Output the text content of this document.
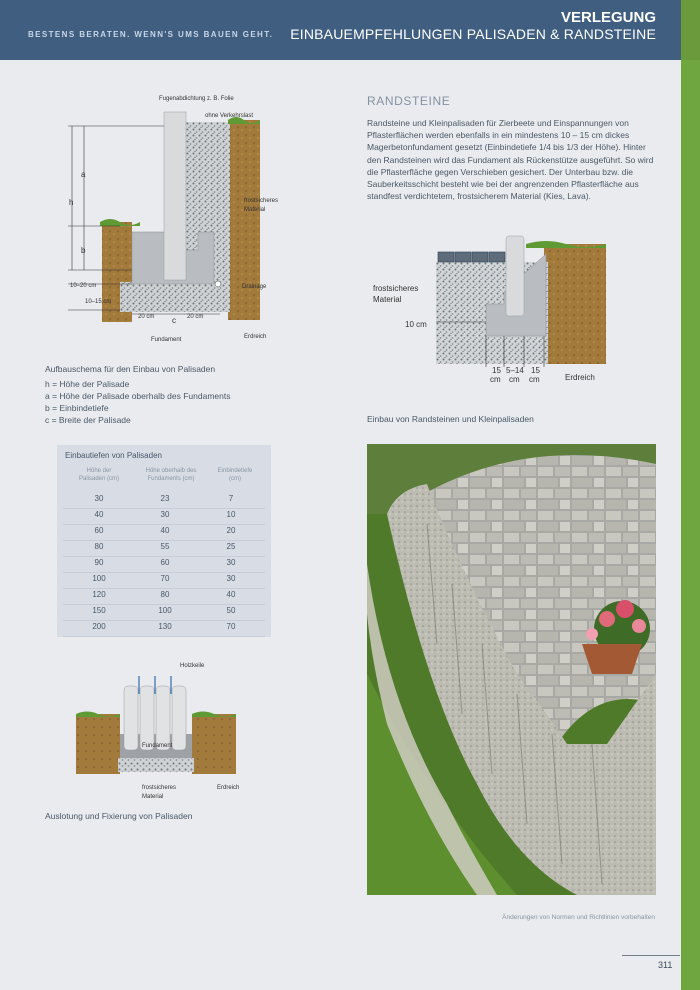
BESTENS BERATEN. WENN'S UMS BAUEN GEHT.
VERLEGUNG
EINBAUEMPFEHLUNGEN PALISADEN & RANDSTEINE
Fugenabdichtung z. B. Folie
ohne Verkehrslast
frostsicheres
Material
Drainage
Erdreich
Fundament
a
h
b
c
10–20 cm
10–15 cm
20 cm	20 cm
Aufbauschema für den Einbau von Palisaden
h = Höhe der Palisade
a = Höhe der Palisade oberhalb des Fundaments
b = Einbindetiefe
c = Breite der Palisade
Einbautiefen von Palisaden
Höhe der
Palisaden (cm)
Höhe oberhalb des
Fundaments (cm)
Einbindetiefe
(cm)
30	23	7
40	30	10
60	40	20
80	55	25
90	60	30
100	70	30
120	80	40
150	100	50
200	130	70
Holzkeile
Fundament
frostsicheres
Material
Erdreich
Auslotung und Fixierung von Palisaden
RANDSTEINE
Randsteine und Kleinpalisaden für Zierbeete und Einspannungen von Pflasterflächen werden ebenfalls in ein mindestens 10 – 15 cm dickes Magerbetonfundament gesetzt (Einbindetiefe 1/4 bis 1/3 der Höhe). Hinter den Randsteinen wird das Fundament als Rückenstütze ausgeführt. So wird die Pflasterfläche gegen Verschieben gesichert. Der Unterbau bzw. die Sauberkeitsschicht besteht wie bei der angrenzenden Pflasterfläche aus standfest verdichtetem, frostsicherem Material (Kies, Lava).
frostsicheres
Material
10 cm
15
cm
5–14
cm
15
cm	Erdreich
Einbau von Randsteinen und Kleinpalisaden
Änderungen von Normen und Richtlinien vorbehalten
311
